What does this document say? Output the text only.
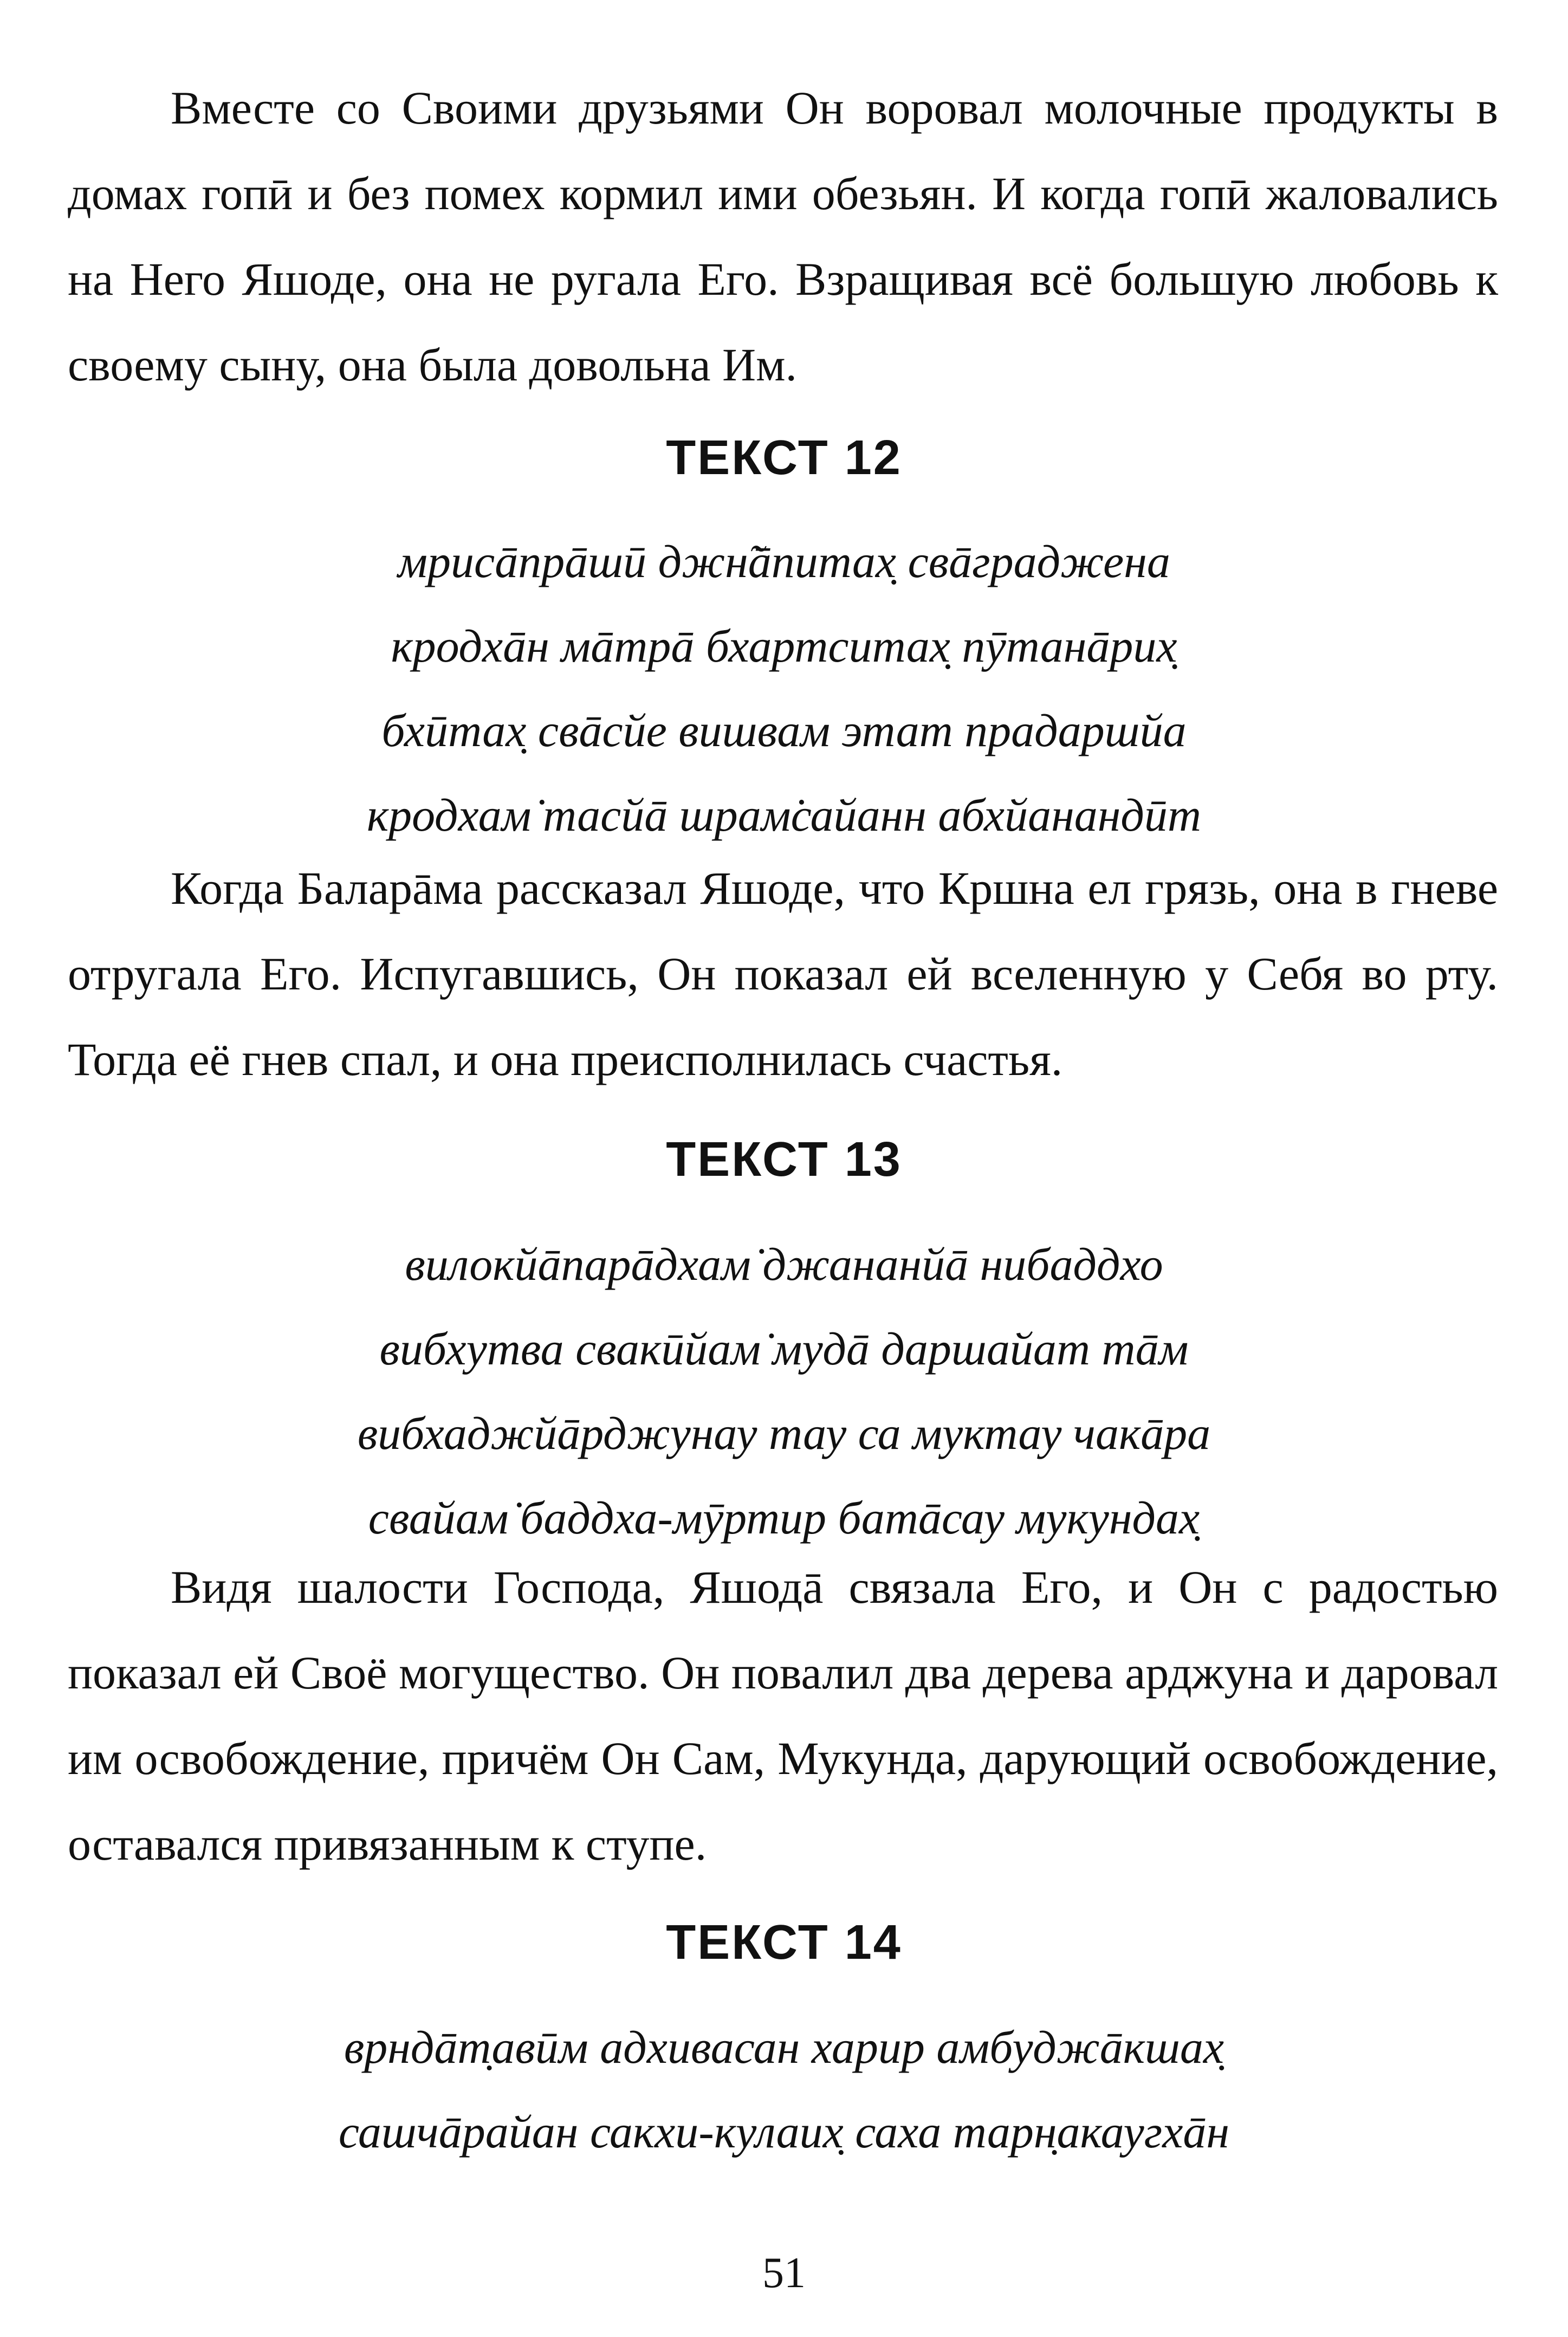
Вместе со Своими друзьями Он воровал молочные продукты в домах гопӣ и без помех кормил ими обезьян. И когда гопӣ жаловались на Него Яшоде, она не ругала Его. Взращивая всё большую любовь к своему сыну, она была довольна Им.

ТЕКСТ 12
мрисāпрāшӣ джн̃āпитах̣ свāграджена
кродхāн мāтрā бхартситах̣ пӯтанāрих̣
бхӣтах̣ свāсйе вишвам этат прадаршйа
кродхам̇ тасйā шрам̇сайанн абхйанандӣт

Когда Баларāма рассказал Яшоде, что Кршна ел грязь, она в гневе отругала Его. Испугавшись, Он показал ей вселенную у Себя во рту. Тогда её гнев спал, и она преисполнилась счастья.

ТЕКСТ 13
вилокйāпарāдхам̇ джананйā нибаддхо
вибхутва свакӣйам̇ мудā даршайат тāм
вибхаджйāрджунау тау са муктау чакāра
свайам̇ баддха-мӯртир батāсау мукундах̣

Видя шалости Господа, Яшодā связала Его, и Он с радостью показал ей Своё могущество. Он повалил два дерева арджуна и даровал им освобождение, причём Он Сам, Мукунда, дарующий освобождение, оставался привязанным к ступе.

ТЕКСТ 14
врндāт̣авӣм адхивасан харир амбуджāкшах̣
сашчāрайан сакхи-кулаих̣ саха тарн̣акаугхāн
51
